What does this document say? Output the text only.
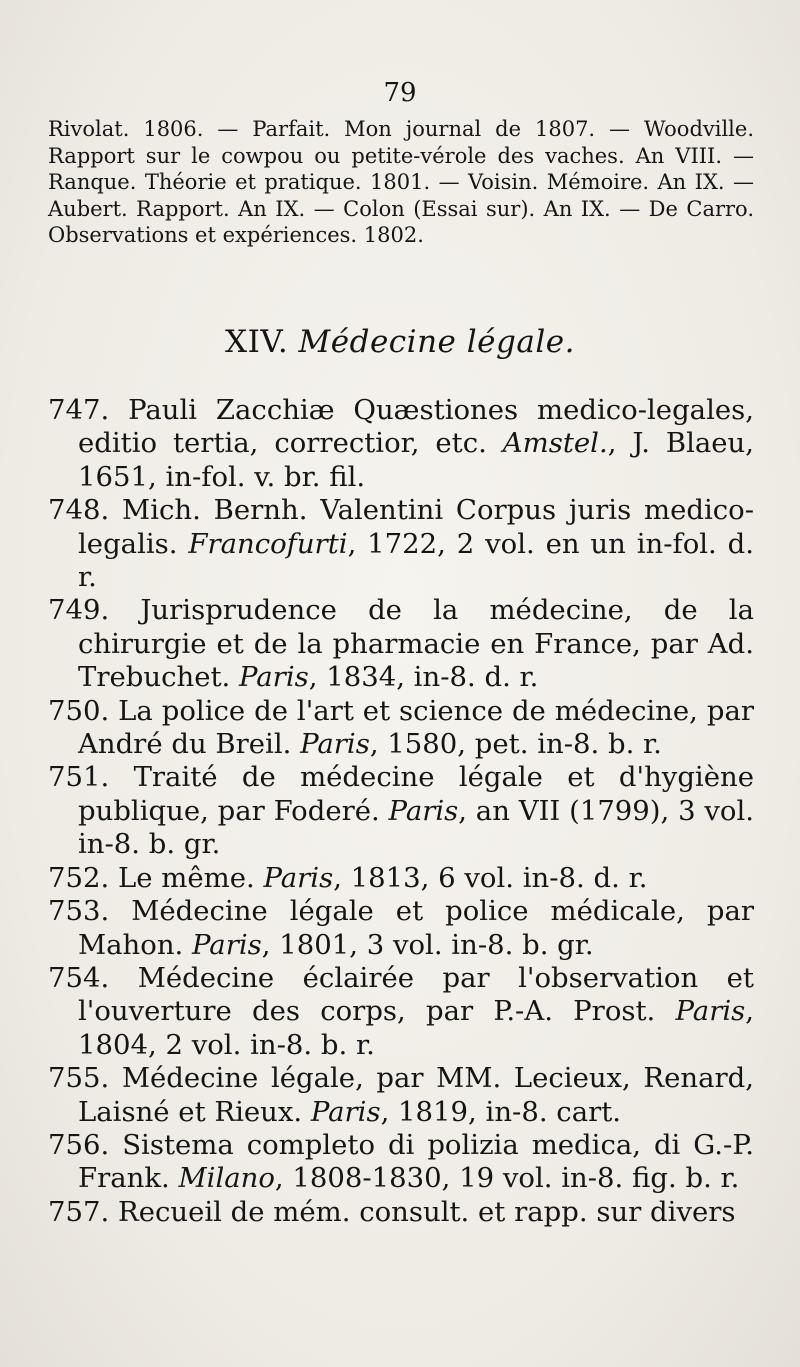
79
Rivolat. 1806. — Parfait. Mon journal de 1807. — Woodville. Rapport sur le cowpou ou petite-vérole des vaches. An VIII. — Ranque. Théorie et pratique. 1801. — Voisin. Mémoire. An IX. — Aubert. Rapport. An IX. — Colon (Essai sur). An IX. — De Carro. Observations et expériences. 1802.
XIV. Médecine légale.
747. Pauli Zacchiæ Quæstiones medico-legales, editio tertia, correctior, etc. Amstel., J. Blaeu, 1651, in-fol. v. br. fil.
748. Mich. Bernh. Valentini Corpus juris medico-legalis. Francofurti, 1722, 2 vol. en un in-fol. d. r.
749. Jurisprudence de la médecine, de la chirurgie et de la pharmacie en France, par Ad. Trebuchet. Paris, 1834, in-8. d. r.
750. La police de l'art et science de médecine, par André du Breil. Paris, 1580, pet. in-8. b. r.
751. Traité de médecine légale et d'hygiène publique, par Foderé. Paris, an VII (1799), 3 vol. in-8. b. gr.
752. Le même. Paris, 1813, 6 vol. in-8. d. r.
753. Médecine légale et police médicale, par Mahon. Paris, 1801, 3 vol. in-8. b. gr.
754. Médecine éclairée par l'observation et l'ouverture des corps, par P.-A. Prost. Paris, 1804, 2 vol. in-8. b. r.
755. Médecine légale, par MM. Lecieux, Renard, Laisné et Rieux. Paris, 1819, in-8. cart.
756. Sistema completo di polizia medica, di G.-P. Frank. Milano, 1808-1830, 19 vol. in-8. fig. b. r.
757. Recueil de mém. consult. et rapp. sur divers
